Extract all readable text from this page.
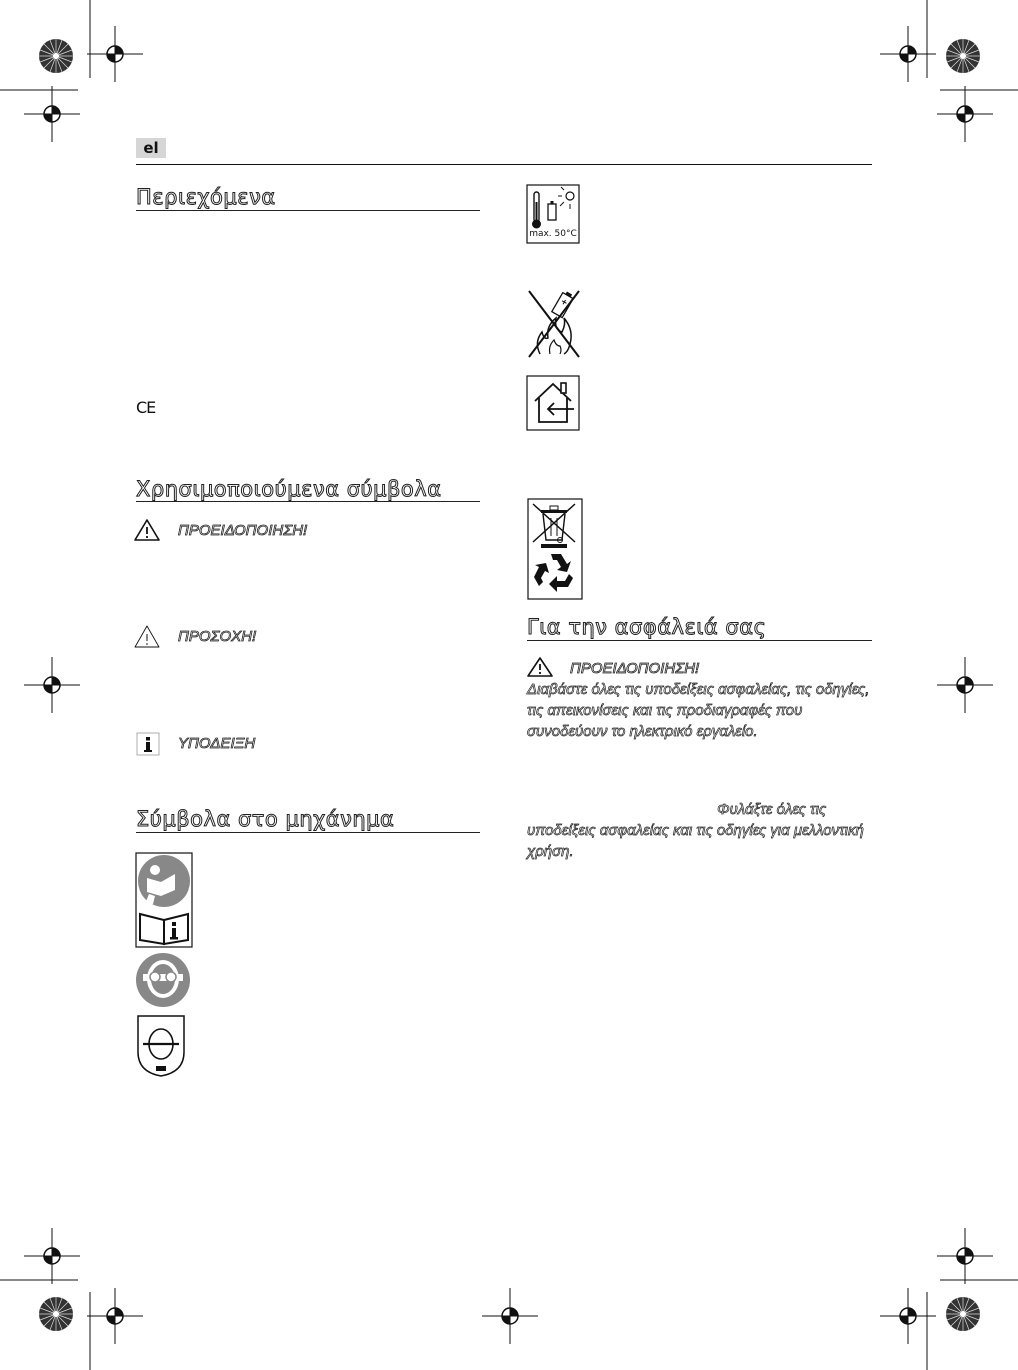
el
Περιεχόμενα
CE
Χρησιμοποιούμενα σύμβολα
ΠΡΟΕΙΔΟΠΟΙΗΣΗ!
ΠΡΟΣΟΧΗ!
ΥΠΟΔΕΙΞΗ
Σύμβολα στο μηχάνημα
max. 50°C
Για την ασφάλειά σας
ΠΡΟΕΙΔΟΠΟΙΗΣΗ!
Διαβάστε όλες τις υποδείξεις ασφαλείας, τις οδηγίες, τις απεικονίσεις και τις προδιαγραφές που συνοδεύουν το ηλεκτρικό εργαλείο.
Φυλάξτε όλες τις υποδείξεις ασφαλείας και τις οδηγίες για μελλοντική χρήση.
